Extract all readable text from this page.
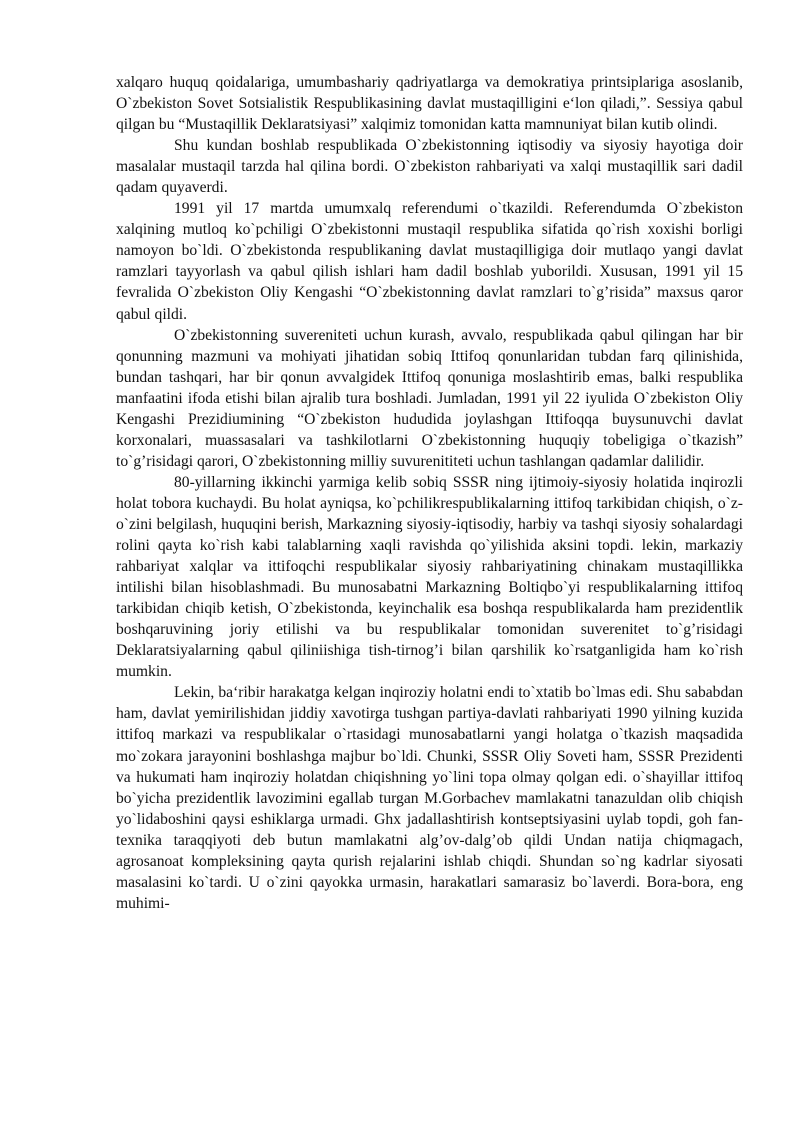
xalqaro huquq qoidalariga, umumbashariy qadriyatlarga va demokratiya printsiplariga asoslanib, O`zbekiston Sovet Sotsialistik Respublikasining davlat mustaqilligini e‘lon qiladi,”. Sessiya qabul qilgan bu “Mustaqillik Deklaratsiyasi” xalqimiz tomonidan katta mamnuniyat bilan kutib olindi.

Shu kundan boshlab respublikada O`zbekistonning iqtisodiy va siyosiy hayotiga doir masalalar mustaqil tarzda hal qilina bordi. O`zbekiston rahbariyati va xalqi mustaqillik sari dadil qadam quyaverdi.

1991 yil 17 martda umumxalq referendumi o`tkazildi. Referendumda O`zbekiston xalqining mutloq ko`pchiligi O`zbekistonni mustaqil respublika sifatida qo`rish xoxishi borligi namoyon bo`ldi. O`zbekistonda respublikaning davlat mustaqilligiga doir mutlaqo yangi davlat ramzlari tayyorlash va qabul qilish ishlari ham dadil boshlab yuborildi. Xususan, 1991 yil 15 fevralida O`zbekiston Oliy Kengashi “O`zbekistonning davlat ramzlari to`g’risida” maxsus qaror qabul qildi.

O`zbekistonning suvereniteti uchun kurash, avvalo, respublikada qabul qilingan har bir qonunning mazmuni va mohiyati jihatidan sobiq Ittifoq qonunlaridan tubdan farq qilinishida, bundan tashqari, har bir qonun avvalgidek Ittifoq qonuniga moslashtirib emas, balki respublika manfaatini ifoda etishi bilan ajralib tura boshladi. Jumladan, 1991 yil 22 iyulida O`zbekiston Oliy Kengashi Prezidiumining “O`zbekiston hududida joylashgan Ittifoqqa buysunuvchi davlat korxonalari, muassasalari va tashkilotlarni O`zbekistonning huquqiy tobeligiga o`tkazish” to`g’risidagi qarori, O`zbekistonning milliy suvurenititeti uchun tashlangan qadamlar dalilidir.

80-yillarning ikkinchi yarmiga kelib sobiq SSSR ning ijtimoiy-siyosiy holatida inqirozli holat tobora kuchaydi. Bu holat ayniqsa, ko`pchilikrespublikalarning ittifoq tarkibidan chiqish, o`z-o`zini belgilash, huquqini berish, Markazning siyosiy-iqtisodiy, harbiy va tashqi siyosiy sohalardagi rolini qayta ko`rish kabi talablarning xaqli ravishda qo`yilishida aksini topdi. lekin, markaziy rahbariyat xalqlar va ittifoqchi respublikalar siyosiy rahbariyatining chinakam mustaqillikka intilishi bilan hisoblashmadi. Bu munosabatni Markazning Boltiqbo`yi respublikalarning ittifoq tarkibidan chiqib ketish, O`zbekistonda, keyinchalik esa boshqa respublikalarda ham prezidentlik boshqaruvining joriy etilishi va bu respublikalar tomonidan suverenitet to`g’risidagi Deklaratsiyalarning qabul qiliniishiga tish-tirnog’i bilan qarshilik ko`rsatganligida ham ko`rish mumkin.

Lekin, ba‘ribir harakatga kelgan inqiroziy holatni endi to`xtatib bo`lmas edi. Shu sababdan ham, davlat yemirilishidan jiddiy xavotirga tushgan partiya-davlati rahbariyati 1990 yilning kuzida ittifoq markazi va respublikalar o`rtasidagi munosabatlarni yangi holatga o`tkazish maqsadida mo`zokara jarayonini boshlashga majbur bo`ldi. Chunki, SSSR Oliy Soveti ham, SSSR Prezidenti va hukumati ham inqiroziy holatdan chiqishning yo`lini topa olmay qolgan edi. o`shayillar ittifoq bo`yicha prezidentlik lavozimini egallab turgan M.Gorbachev mamlakatni tanazuldan olib chiqish yo`lidaboshini qaysi eshiklarga urmadi. Ghx jadallashtirish kontseptsiyasini uylab topdi, goh fan-texnika taraqqiyoti deb butun mamlakatni alg’ov-dalg’ob qildi Undan natija chiqmagach, agrosanoat kompleksining qayta qurish rejalarini ishlab chiqdi. Shundan so`ng kadrlar siyosati masalasini ko`tardi. U o`zini qayokka urmasin, harakatlari samarasiz bo`laverdi. Bora-bora, eng muhimi-
